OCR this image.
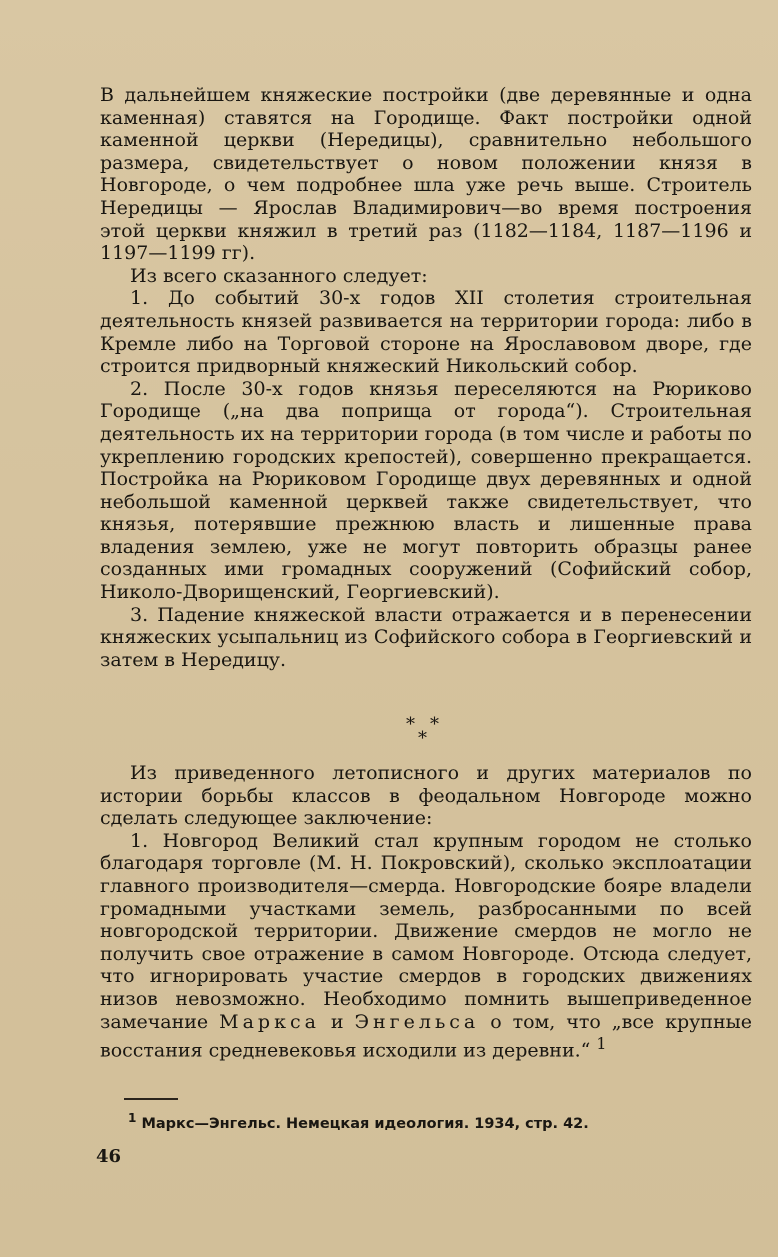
В дальнейшем княжеские постройки (две деревянные и одна каменная) ставятся на Городище. Факт постройки одной каменной церкви (Нередицы), сравнительно небольшого размера, свидетельствует о новом положении князя в Новгороде, о чем подробнее шла уже речь выше. Строитель Нередицы — Ярослав Владимирович—во время построения этой церкви княжил в третий раз (1182—1184, 1187—1196 и 1197—1199 гг).

Из всего сказанного следует:

1. До событий 30-х годов XII столетия строительная деятельность князей развивается на территории города: либо в Кремле либо на Торговой стороне на Ярославовом дворе, где строится придворный княжеский Никольский собор.

2. После 30-х годов князья переселяются на Рюриково Городище („на два поприща от города“). Строительная деятельность их на территории города (в том числе и работы по укреплению городских крепостей), совершенно прекращается. Постройка на Рюриковом Городище двух деревянных и одной небольшой каменной церквей также свидетельствует, что князья, потерявшие прежнюю власть и лишенные права владения землею, уже не могут повторить образцы ранее созданных ими громадных сооружений (Софийский собор, Николо-Дворищенский, Георгиевский).

3. Падение княжеской власти отражается и в перенесении княжеских усыпальниц из Софийского собора в Георгиевский и затем в Нередицу.

* *
*

Из приведенного летописного и других материалов по истории борьбы классов в феодальном Новгороде можно сделать следующее заключение:

1. Новгород Великий стал крупным городом не столько благодаря торговле (М. Н. Покровский), сколько эксплоатации главного производителя—смерда. Новгородские бояре владели громадными участками земель, разбросанными по всей новгородской территории. Движение смердов не могло не получить свое отражение в самом Новгороде. Отсюда следует, что игнорировать участие смердов в городских движениях низов невозможно. Необходимо помнить вышеприведенное замечание Маркса и Энгельса о том, что „все крупные восстания средневековья исходили из деревни.“ $^1$

$^1$ Маркс—Энгельс. Немецкая идеология. 1934, стр. 42.
46
